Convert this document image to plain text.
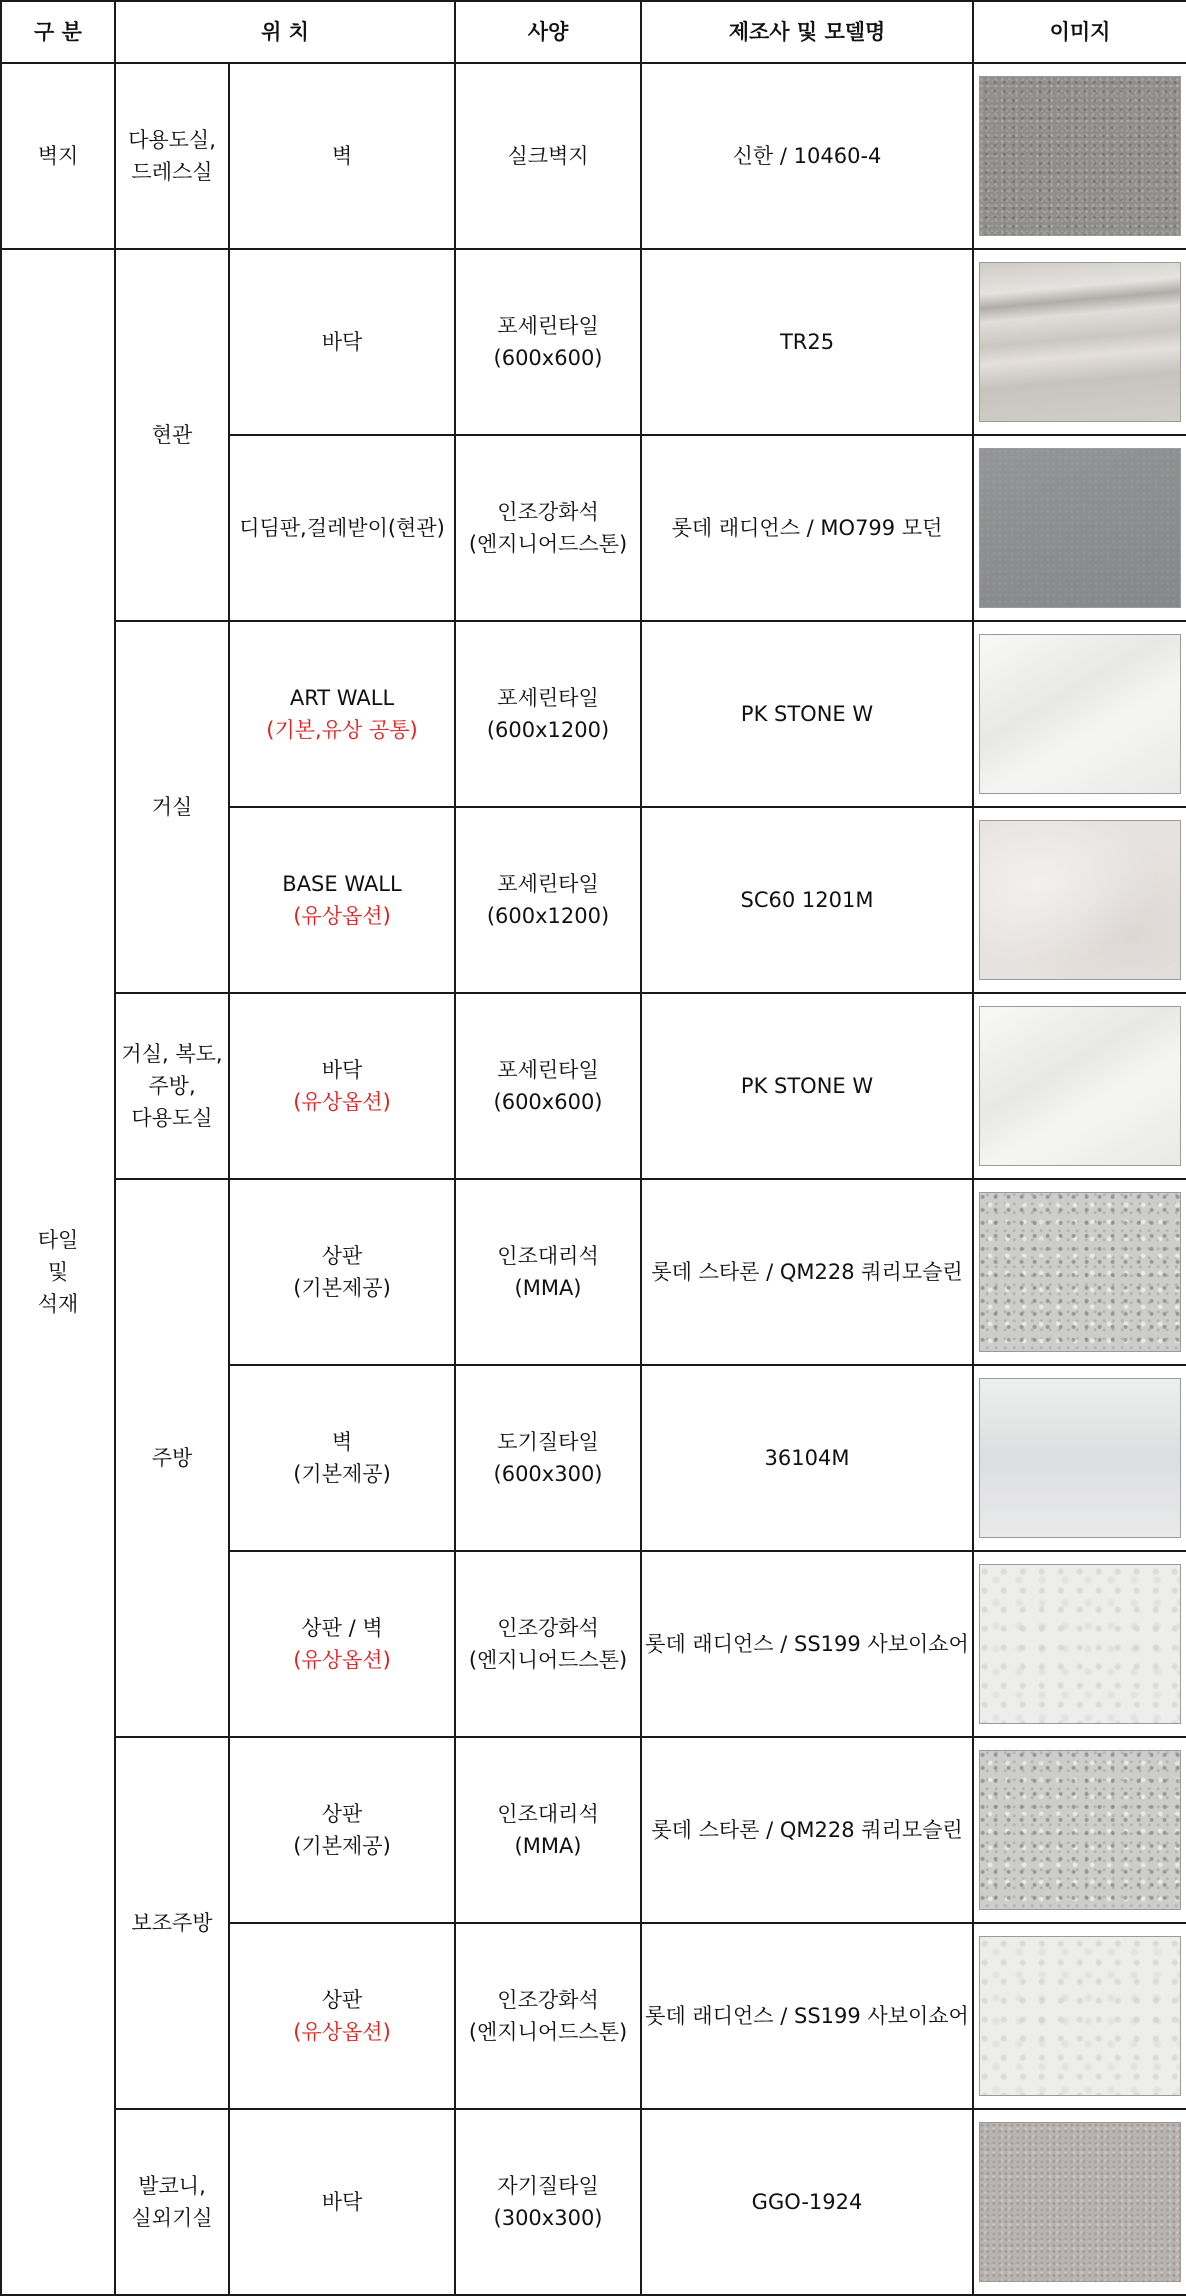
구 분	위 치		사양	제조사 및 모델명	이미지

벽지	다용도실,
드레스실	벽	실크벽지	신한 / 10460-4	

타일
및
석재	현관	바닥	포세린타일
(600x600)	TR25	

		디딤판,걸레받이(현관)	인조강화석
(엔지니어드스톤)	롯데 래디언스 / MO799 모던	

	거실	ART WALL
(기본,유상 공통)	포세린타일
(600x1200)	PK STONE W	

		BASE WALL
(유상옵션)	포세린타일
(600x1200)	SC60 1201M	

	거실, 복도,
주방,
다용도실	바닥
(유상옵션)	포세린타일
(600x600)	PK STONE W	

	주방	상판
(기본제공)	인조대리석
(MMA)	롯데 스타론 / QM228 쿼리모슬린	

		벽
(기본제공)	도기질타일
(600x300)	36104M	

		상판 / 벽
(유상옵션)	인조강화석
(엔지니어드스톤)	롯데 래디언스 / SS199 사보이쇼어	

	보조주방	상판
(기본제공)	인조대리석
(MMA)	롯데 스타론 / QM228 쿼리모슬린	

		상판
(유상옵션)	인조강화석
(엔지니어드스톤)	롯데 래디언스 / SS199 사보이쇼어	

	발코니,
실외기실	바닥	자기질타일
(300x300)	GGO-1924	
